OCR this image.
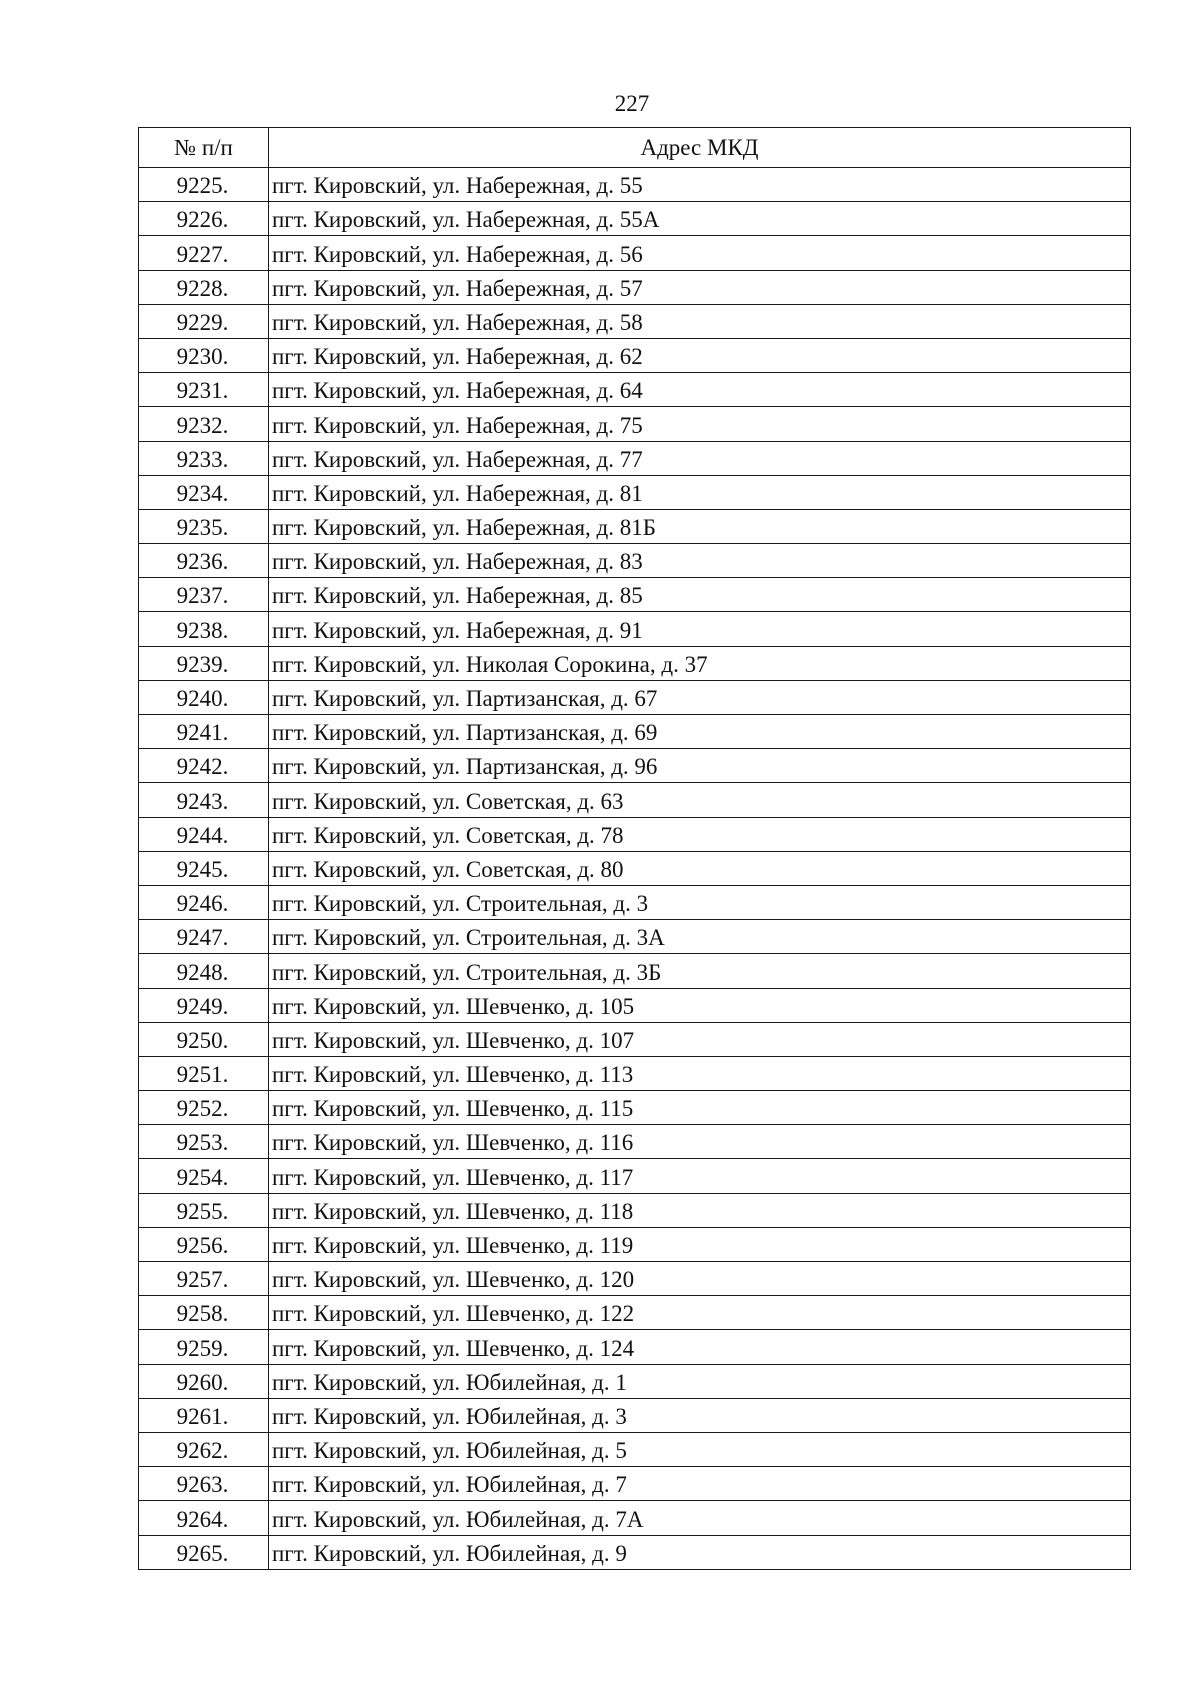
227
№ п/п	Адрес МКД
9225.	пгт. Кировский, ул. Набережная, д. 55
9226.	пгт. Кировский, ул. Набережная, д. 55А
9227.	пгт. Кировский, ул. Набережная, д. 56
9228.	пгт. Кировский, ул. Набережная, д. 57
9229.	пгт. Кировский, ул. Набережная, д. 58
9230.	пгт. Кировский, ул. Набережная, д. 62
9231.	пгт. Кировский, ул. Набережная, д. 64
9232.	пгт. Кировский, ул. Набережная, д. 75
9233.	пгт. Кировский, ул. Набережная, д. 77
9234.	пгт. Кировский, ул. Набережная, д. 81
9235.	пгт. Кировский, ул. Набережная, д. 81Б
9236.	пгт. Кировский, ул. Набережная, д. 83
9237.	пгт. Кировский, ул. Набережная, д. 85
9238.	пгт. Кировский, ул. Набережная, д. 91
9239.	пгт. Кировский, ул. Николая Сорокина, д. 37
9240.	пгт. Кировский, ул. Партизанская, д. 67
9241.	пгт. Кировский, ул. Партизанская, д. 69
9242.	пгт. Кировский, ул. Партизанская, д. 96
9243.	пгт. Кировский, ул. Советская, д. 63
9244.	пгт. Кировский, ул. Советская, д. 78
9245.	пгт. Кировский, ул. Советская, д. 80
9246.	пгт. Кировский, ул. Строительная, д. 3
9247.	пгт. Кировский, ул. Строительная, д. 3А
9248.	пгт. Кировский, ул. Строительная, д. 3Б
9249.	пгт. Кировский, ул. Шевченко, д. 105
9250.	пгт. Кировский, ул. Шевченко, д. 107
9251.	пгт. Кировский, ул. Шевченко, д. 113
9252.	пгт. Кировский, ул. Шевченко, д. 115
9253.	пгт. Кировский, ул. Шевченко, д. 116
9254.	пгт. Кировский, ул. Шевченко, д. 117
9255.	пгт. Кировский, ул. Шевченко, д. 118
9256.	пгт. Кировский, ул. Шевченко, д. 119
9257.	пгт. Кировский, ул. Шевченко, д. 120
9258.	пгт. Кировский, ул. Шевченко, д. 122
9259.	пгт. Кировский, ул. Шевченко, д. 124
9260.	пгт. Кировский, ул. Юбилейная, д. 1
9261.	пгт. Кировский, ул. Юбилейная, д. 3
9262.	пгт. Кировский, ул. Юбилейная, д. 5
9263.	пгт. Кировский, ул. Юбилейная, д. 7
9264.	пгт. Кировский, ул. Юбилейная, д. 7А
9265.	пгт. Кировский, ул. Юбилейная, д. 9
